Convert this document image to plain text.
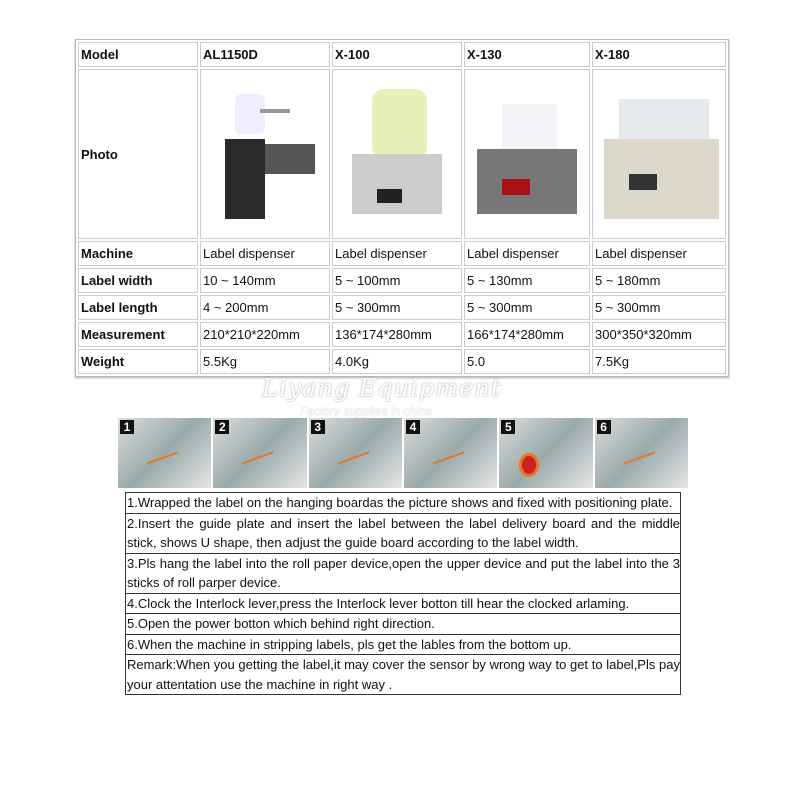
Model	AL1150D	X-100	X-130	X-180
Photo	

Machine	Label dispenser	Label dispenser	Label dispenser	Label dispenser
Label width	10 ~ 140mm	5 ~ 100mm	5 ~ 130mm	5 ~ 180mm
Label length	4 ~ 200mm	5 ~ 300mm	5 ~ 300mm	5 ~ 300mm
Measurement	210*210*220mm	136*174*280mm	166*174*280mm	300*350*320mm
Weight	5.5Kg	4.0Kg	5.0	7.5Kg
Liyang Equipment
Factory supplies in china
1	2	3	4	5	6
1.Wrapped the label on the hanging boardas the picture shows and fixed with positioning plate.
2.Insert the guide plate and insert the label between the label delivery board and the middle stick, shows U shape, then adjust the guide board according to the label width.
3.Pls hang the label into the roll paper device,open the upper device and put the label into the 3 sticks of roll parper device.
4.Clock the Interlock lever,press the Interlock lever botton till hear the clocked arlaming.
5.Open the power botton which behind right direction.
6.When the machine in stripping labels, pls get the lables from the bottom up.
Remark:When you getting the label,it may cover the sensor by wrong way to get to label,Pls pay your attentation use the machine in right way .
